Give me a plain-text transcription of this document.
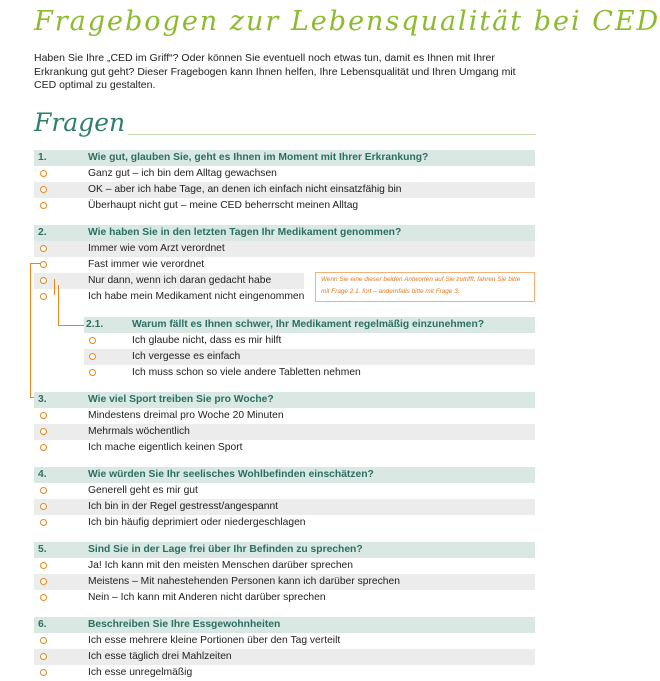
Fragebogen zur Lebensqualität bei CED
Haben Sie Ihre „CED im Griff“? Oder können Sie eventuell noch etwas tun, damit es Ihnen mit Ihrer Erkrankung gut geht? Dieser Fragebogen kann Ihnen helfen, Ihre Lebensqualität und Ihren Umgang mit CED optimal zu gestalten.
Fragen
1.	Wie gut, glauben Sie, geht es Ihnen im Moment mit Ihrer Erkrankung?
Ganz gut – ich bin dem Alltag gewachsen
OK – aber ich habe Tage, an denen ich einfach nicht einsatzfähig bin
Überhaupt nicht gut – meine CED beherrscht meinen Alltag
2.	Wie haben Sie in den letzten Tagen Ihr Medikament genommen?
Immer wie vom Arzt verordnet
Fast immer wie verordnet
Nur dann, wenn ich daran gedacht habe
Ich habe mein Medikament nicht eingenommen
Wenn Sie eine dieser beiden Antworten auf Sie zutrifft, fahren Sie bitte mit Frage 2.1. fort – andernfalls bitte mit Frage 3.
2.1.	Warum fällt es Ihnen schwer, Ihr Medikament regelmäßig einzunehmen?
Ich glaube nicht, dass es mir hilft
Ich vergesse es einfach
Ich muss schon so viele andere Tabletten nehmen
3.	Wie viel Sport treiben Sie pro Woche?
Mindestens dreimal pro Woche 20 Minuten
Mehrmals wöchentlich
Ich mache eigentlich keinen Sport
4.	Wie würden Sie Ihr seelisches Wohlbefinden einschätzen?
Generell geht es mir gut
Ich bin in der Regel gestresst/angespannt
Ich bin häufig deprimiert oder niedergeschlagen
5.	Sind Sie in der Lage frei über Ihr Befinden zu sprechen?
Ja! Ich kann mit den meisten Menschen darüber sprechen
Meistens – Mit nahestehenden Personen kann ich darüber sprechen
Nein – Ich kann mit Anderen nicht darüber sprechen
6.	Beschreiben Sie Ihre Essgewohnheiten
Ich esse mehrere kleine Portionen über den Tag verteilt
Ich esse täglich drei Mahlzeiten
Ich esse unregelmäßig
